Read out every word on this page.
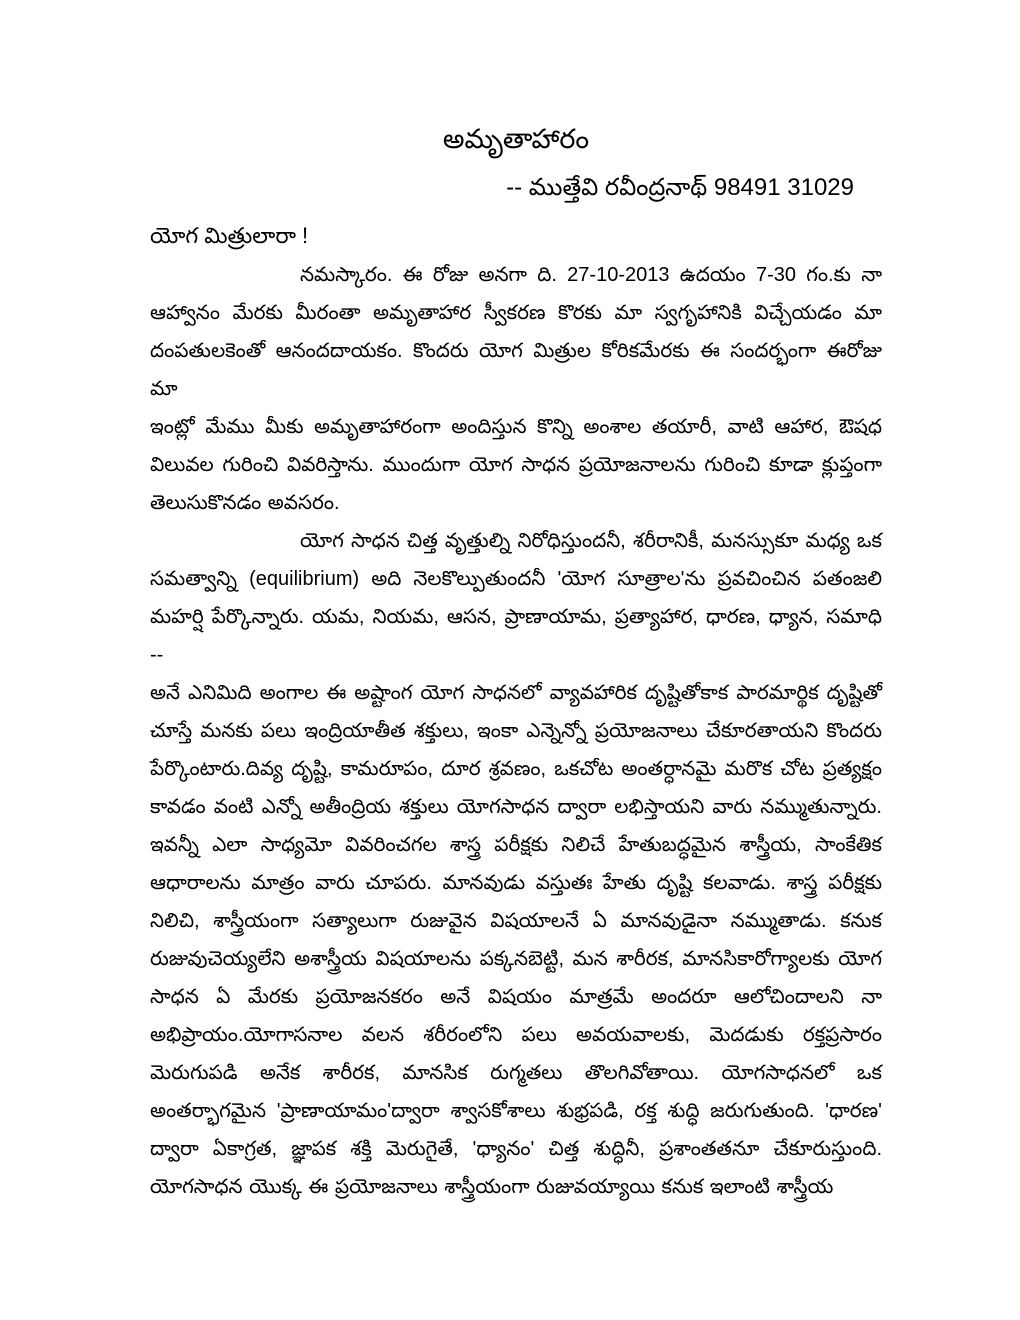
అమృతాహారం
-- ముత్తేవి రవీంద్రనాథ్ 98491 31029
యోగ మిత్రులారా !
నమస్కారం. ఈ రోజు అనగా ది. 27-10-2013 ఉదయం 7-30 గం.కు నా
ఆహ్వానం మేరకు మీరంతా అమృతాహార స్వీకరణ కొరకు మా స్వగృహానికి విచ్చేయడం మా
దంపతులకెంతో ఆనందదాయకం. కొందరు యోగ మిత్రుల కోరికమేరకు ఈ సందర్భంగా ఈరోజు మా
ఇంట్లో మేము మీకు అమృతాహారంగా అందిస్తున కొన్ని అంశాల తయారీ, వాటి ఆహార, ఔషధ
విలువల గురించి వివరిస్తాను. ముందుగా యోగ సాధన ప్రయోజనాలను గురించి కూడా క్లుప్తంగా
తెలుసుకొనడం అవసరం.
యోగ సాధన చిత్త వృత్తుల్ని నిరోధిస్తుందనీ, శరీరానికీ, మనస్సుకూ మధ్య ఒక
సమత్వాన్ని (equilibrium) అది నెలకొల్పుతుందనీ 'యోగ సూత్రాల'ను ప్రవచించిన పతంజలి
మహర్షి పేర్కొన్నారు. యమ, నియమ, ఆసన, ప్రాణాయామ, ప్రత్యాహార, ధారణ, ధ్యాన, సమాధి --
అనే ఎనిమిది అంగాల ఈ అష్టాంగ యోగ సాధనలో వ్యావహారిక దృష్టితోకాక పారమార్థిక దృష్టితో
చూస్తే మనకు పలు ఇంద్రియాతీత శక్తులు, ఇంకా ఎన్నెన్నో ప్రయోజనాలు చేకూరతాయని కొందరు
పేర్కొంటారు.దివ్య దృష్టి, కామరూపం, దూర శ్రవణం, ఒకచోట అంతర్ధానమై మరొక చోట ప్రత్యక్షం
కావడం వంటి ఎన్నో అతీంద్రియ శక్తులు యోగసాధన ద్వారా లభిస్తాయని వారు నమ్ముతున్నారు.
ఇవన్నీ ఎలా సాధ్యమో వివరించగల శాస్త్ర పరీక్షకు నిలిచే హేతుబద్ధమైన శాస్త్రీయ, సాంకేతిక
ఆధారాలను మాత్రం వారు చూపరు. మానవుడు వస్తుతః హేతు దృష్టి కలవాడు. శాస్త్ర పరీక్షకు
నిలిచి, శాస్త్రీయంగా సత్యాలుగా రుజువైన విషయాలనే ఏ మానవుడైనా నమ్ముతాడు. కనుక
రుజువుచెయ్యలేని అశాస్త్రీయ విషయాలను పక్కనబెట్టి, మన శారీరక, మానసికారోగ్యాలకు యోగ
సాధన ఏ మేరకు ప్రయోజనకరం అనే విషయం మాత్రమే అందరూ ఆలోచిందాలని నా
అభిప్రాయం.యోగాసనాల వలన శరీరంలోని పలు అవయవాలకు, మెదడుకు రక్తప్రసారం
మెరుగుపడి అనేక శారీరక, మానసిక రుగ్మతలు తొలగివోతాయి. యోగసాధనలో ఒక
అంతర్భాగమైన 'ప్రాణాయామం'ద్వారా శ్వాసకోశాలు శుభ్రపడి, రక్త శుద్ధి జరుగుతుంది. 'ధారణ'
ద్వారా ఏకాగ్రత, జ్ఞాపక శక్తి మెరుగైతే, 'ధ్యానం' చిత్త శుద్ధినీ, ప్రశాంతతనూ చేకూరుస్తుంది.
యోగసాధన యొక్క ఈ ప్రయోజనాలు శాస్త్రీయంగా రుజువయ్యాయి కనుక ఇలాంటి శాస్త్రీయ
